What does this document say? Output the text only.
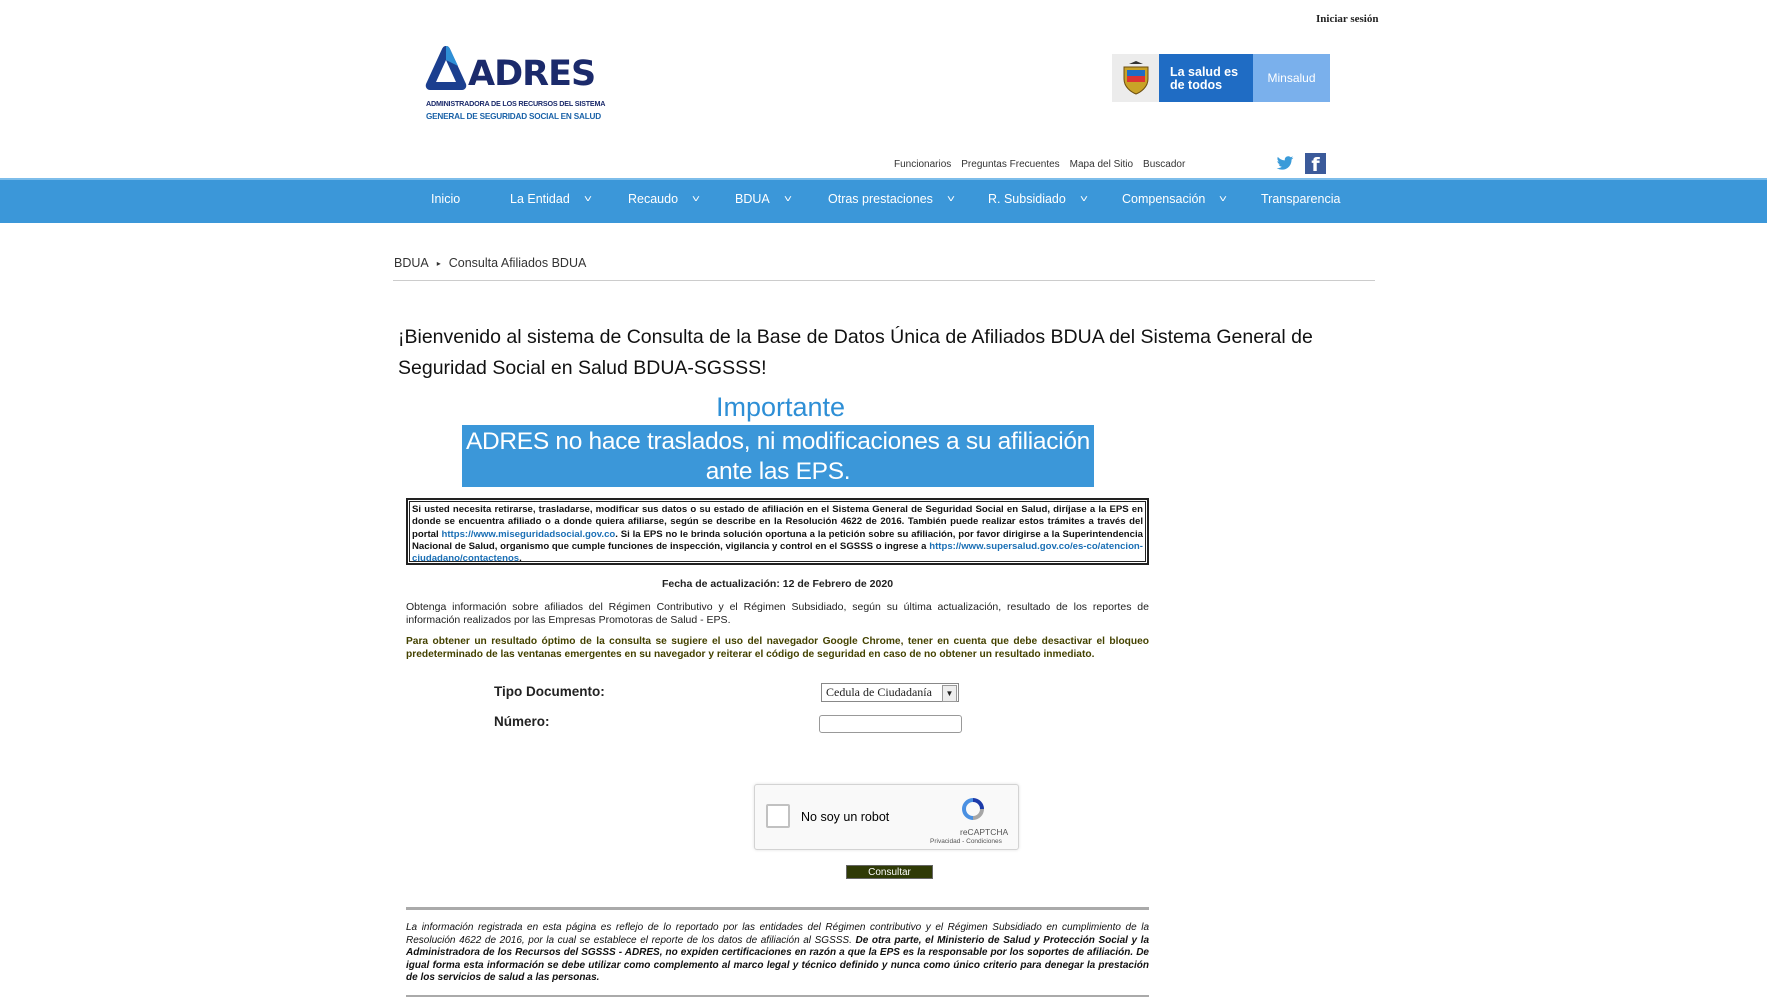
Iniciar sesión
ADRES
ADMINISTRADORA DE LOS RECURSOS DEL SISTEMA
GENERAL DE SEGURIDAD SOCIAL EN SALUD
La salud es de todos	Minsalud
Funcionarios Preguntas Frecuentes Mapa del Sitio Buscador	f
Inicio	La Entidad ˅	Recaudo ˅	BDUA ˅	Otras prestaciones ˅	R. Subsidiado ˅	Compensación ˅	Transparencia
BDUA ▸ Consulta Afiliados BDUA
¡Bienvenido al sistema de Consulta de la Base de Datos Única de Afiliados BDUA del Sistema General de Seguridad Social en Salud BDUA-SGSSS!
Importante
ADRES no hace traslados, ni modificaciones a su afiliación ante las EPS.
Si usted necesita retirarse, trasladarse, modificar sus datos o su estado de afiliación en el Sistema General de Seguridad Social en Salud, diríjase a la EPS en donde se encuentra afiliado o a donde quiera afiliarse, según se describe en la Resolución 4622 de 2016. También puede realizar estos trámites a través del portal https://www.miseguridadsocial.gov.co. Si la EPS no le brinda solución oportuna a la petición sobre su afiliación, por favor dirigirse a la Superintendencia Nacional de Salud, organismo que cumple funciones de inspección, vigilancia y control en el SGSSS o ingrese a https://www.supersalud.gov.co/es-co/atencion-ciudadano/contactenos.
Fecha de actualización: 12 de Febrero de 2020
Obtenga información sobre afiliados del Régimen Contributivo y el Régimen Subsidiado, según su última actualización, resultado de los reportes de información realizados por las Empresas Promotoras de Salud - EPS.
Para obtener un resultado óptimo de la consulta se sugiere el uso del navegador Google Chrome, tener en cuenta que debe desactivar el bloqueo predeterminado de las ventanas emergentes en su navegador y reiterar el código de seguridad en caso de no obtener un resultado inmediato.
Tipo Documento:	Cedula de Ciudadanía	▼
Número:
No soy un robot
reCAPTCHA
Privacidad - Condiciones
Consultar
La información registrada en esta página es reflejo de lo reportado por las entidades del Régimen contributivo y el Régimen Subsidiado en cumplimiento de la Resolución 4622 de 2016, por la cual se establece el reporte de los datos de afiliación al SGSSS. De otra parte, el Ministerio de Salud y Protección Social y la Administradora de los Recursos del SGSSS - ADRES, no expiden certificaciones en razón a que la EPS es la responsable por los soportes de afiliación. De igual forma esta información se debe utilizar como complemento al marco legal y técnico definido y nunca como único criterio para denegar la prestación de los servicios de salud a las personas.
